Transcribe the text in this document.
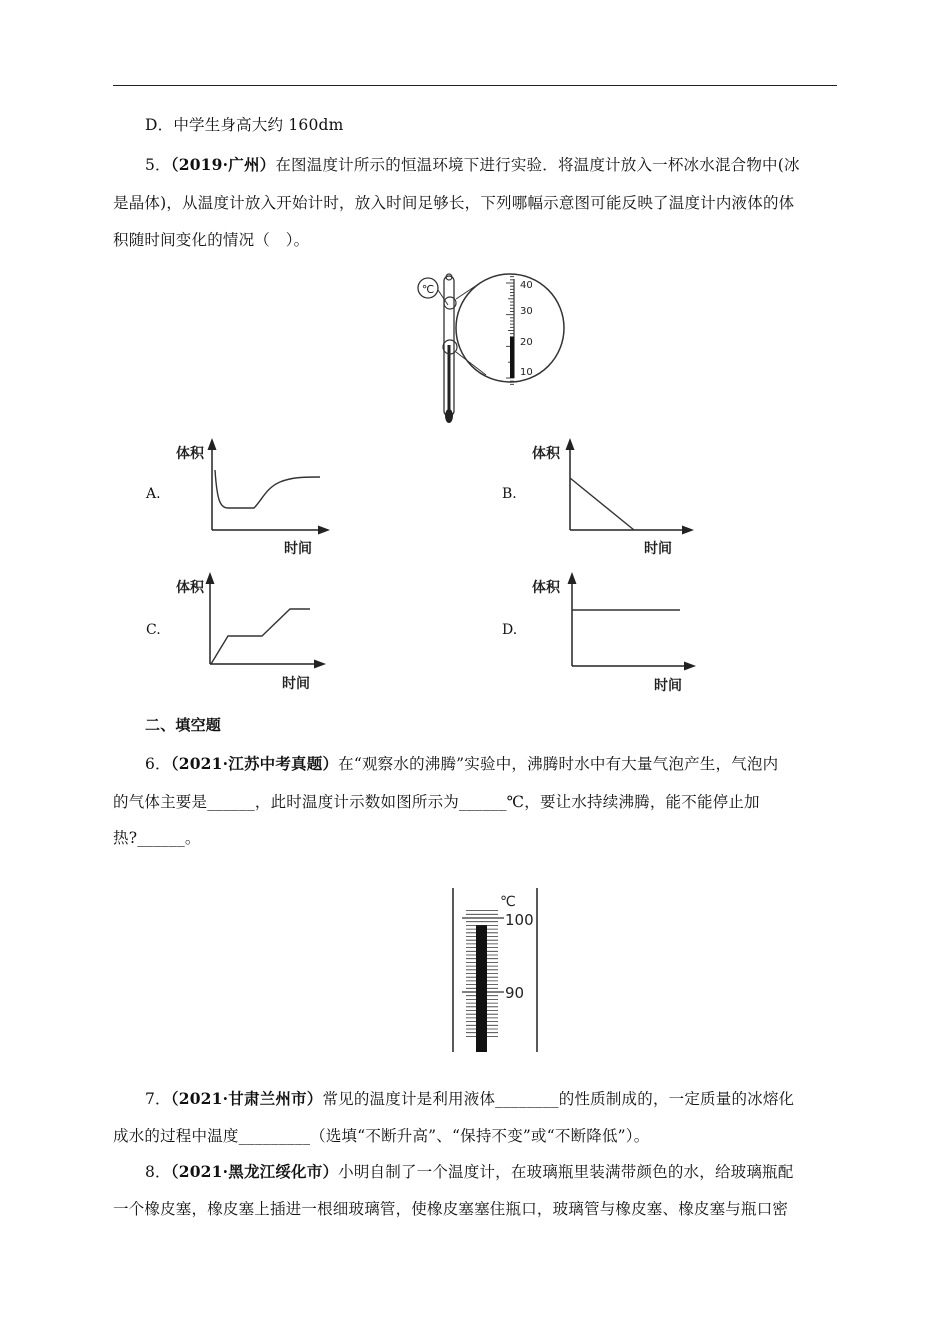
D．中学生身高大约 160dm
5．（2019·广州）在图温度计所示的恒温环境下进行实验．将温度计放入一杯冰水混合物中(冰
是晶体)，从温度计放入开始计时，放入时间足够长，下列哪幅示意图可能反映了温度计内液体的体
积随时间变化的情况（　）。
℃	40
30
20
10
A.	B.
C.	D.
体积
时间
体积
时间
体积
时间
体积
时间
二、填空题
6．（2021·江苏中考真题）在“观察水的沸腾”实验中，沸腾时水中有大量气泡产生，气泡内
的气体主要是______，此时温度计示数如图所示为______℃，要让水持续沸腾，能不能停止加
热?______。
℃
100
90
7．（2021·甘肃兰州市）常见的温度计是利用液体________的性质制成的，一定质量的冰熔化
成水的过程中温度_________（选填“不断升高”、“保持不变”或“不断降低”）。
8．（2021·黑龙江绥化市）小明自制了一个温度计，在玻璃瓶里装满带颜色的水，给玻璃瓶配
一个橡皮塞，橡皮塞上插进一根细玻璃管，使橡皮塞塞住瓶口，玻璃管与橡皮塞、橡皮塞与瓶口密
